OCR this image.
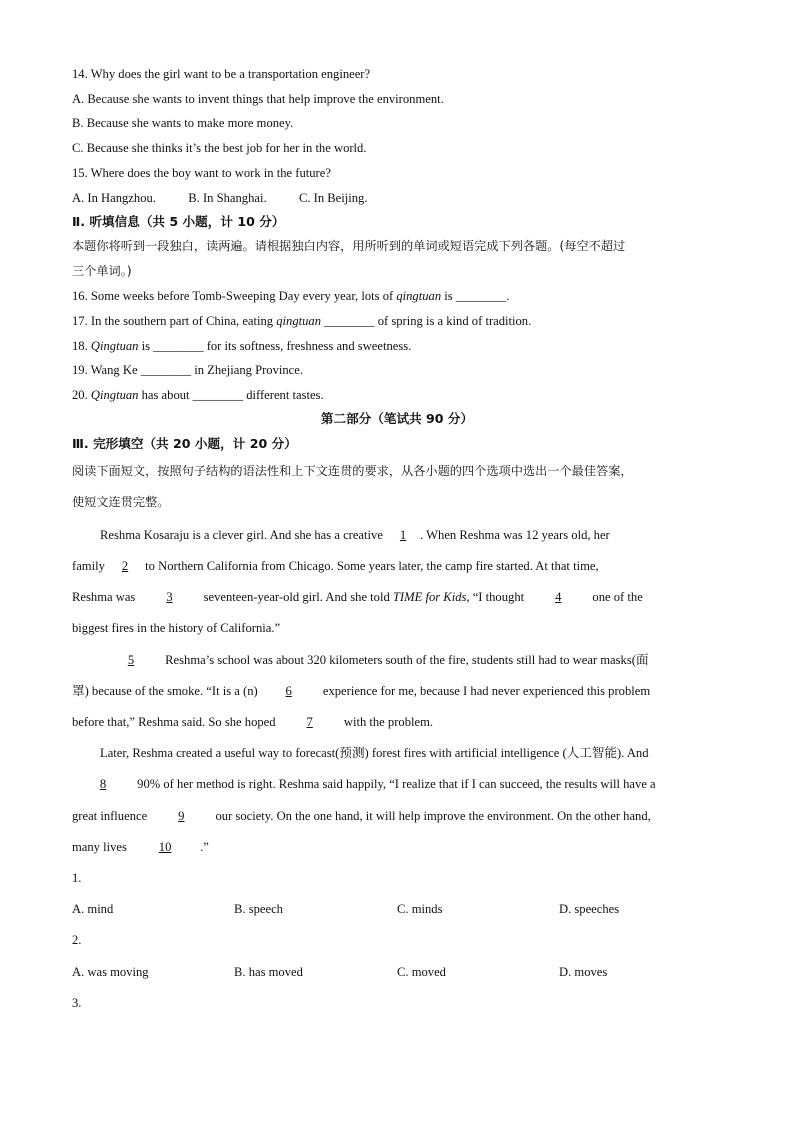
14. Why does the girl want to be a transportation engineer?
A. Because she wants to invent things that help improve the environment.
B. Because she wants to make more money.
C. Because she thinks it’s the best job for her in the world.
15. Where does the boy want to work in the future?
A. In Hangzhou.	B. In Shanghai.	C. In Beijing.
Ⅱ. 听填信息（共 5 小题，计 10 分）
本题你将听到一段独白，读两遍。请根据独白内容，用所听到的单词或短语完成下列各题。(每空不超过
三个单词。)
16. Some weeks before Tomb-Sweeping Day every year, lots of qingtuan is ________.
17. In the southern part of China, eating qingtuan ________ of spring is a kind of tradition.
18. Qingtuan is ________ for its softness, freshness and sweetness.
19. Wang Ke ________ in Zhejiang Province.
20. Qingtuan has about ________ different tastes.
第二部分（笔试共 90 分）
Ⅲ. 完形填空（共 20 小题，计 20 分）
阅读下面短文，按照句子结构的语法性和上下文连贯的要求，从各小题的四个选项中选出一个最佳答案，
使短文连贯完整。
Reshma Kosaraju is a clever girl. And she has a creative 1 . When Reshma was 12 years old, her
family 2 to Northern California from Chicago. Some years later, the camp fire started. At that time,
Reshma was 3 seventeen-year-old girl. And she told TIME for Kids, “I thought 4 one of the
biggest fires in the history of California.”
5 Reshma’s school was about 320 kilometers south of the fire, students still had to wear masks(面
罩) because of the smoke. “It is a (n) 6 experience for me, because I had never experienced this problem
before that,” Reshma said. So she hoped 7 with the problem.
Later, Reshma created a useful way to forecast(预测) forest fires with artificial intelligence (人工智能). And
8 90% of her method is right. Reshma said happily, “I realize that if I can succeed, the results will have a
great influence 9 our society. On the one hand, it will help improve the environment. On the other hand,
many lives 10 .”
1.
A. mind	B. speech	C. minds	D. speeches
2.
A. was moving	B. has moved	C. moved	D. moves
3.
